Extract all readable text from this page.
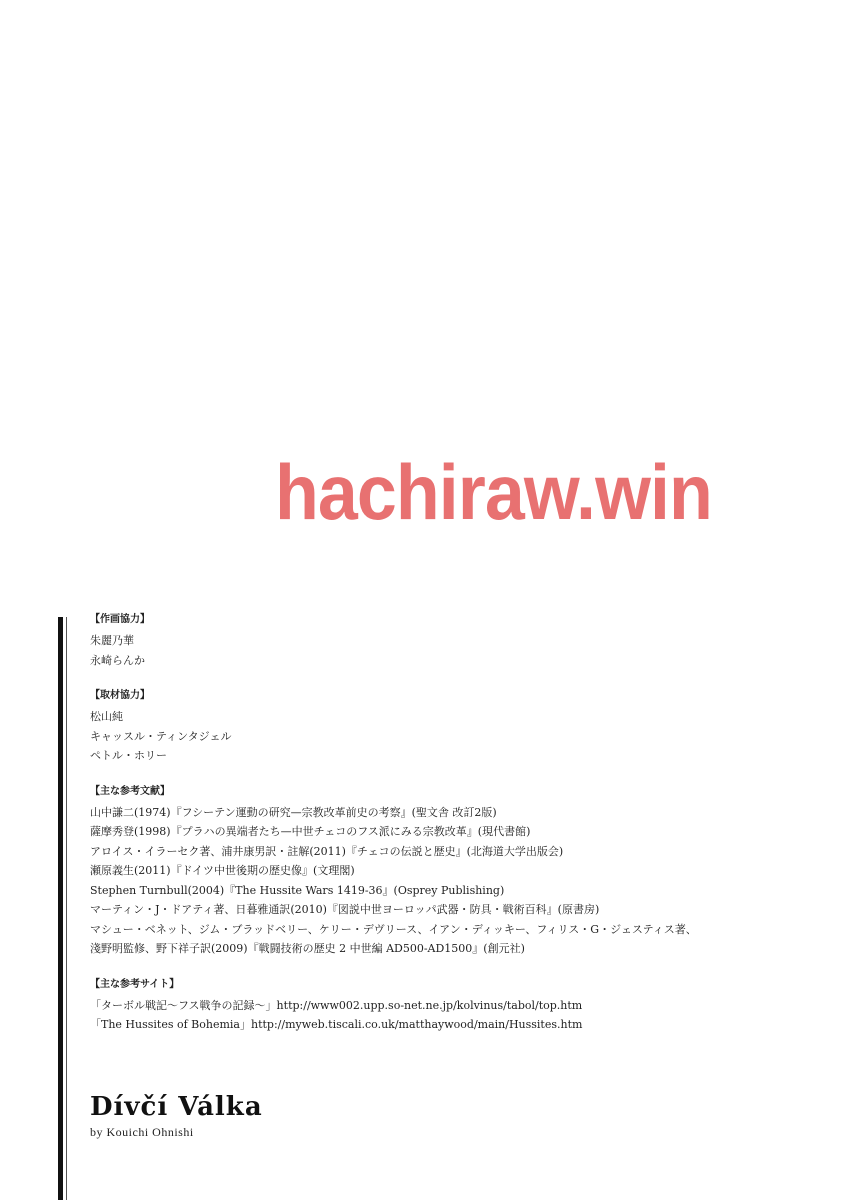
hachiraw.win
【作画協力】
朱麗乃華
永崎らんか
【取材協力】
松山純
キャッスル・ティンタジェル
ペトル・ホリー
【主な参考文献】
山中謙二(1974)『フシーテン運動の研究—宗教改革前史の考察』(聖文舎 改訂2版)
薩摩秀登(1998)『プラハの異端者たち—中世チェコのフス派にみる宗教改革』(現代書館)
アロイス・イラーセク著、浦井康男訳・註解(2011)『チェコの伝説と歴史』(北海道大学出版会)
瀬原義生(2011)『ドイツ中世後期の歴史像』(文理閣)
Stephen Turnbull(2004)『The Hussite Wars 1419-36』(Osprey Publishing)
マーティン・J・ドアティ著、日暮雅通訳(2010)『図説中世ヨーロッパ武器・防具・戦術百科』(原書房)
マシュー・ベネット、ジム・ブラッドベリー、ケリー・デヴリース、イアン・ディッキー、フィリス・G・ジェスティス著、
淺野明監修、野下祥子訳(2009)『戦闘技術の歴史 2 中世編 AD500-AD1500』(創元社)
【主な参考サイト】
「ターボル戦記〜フス戦争の記録〜」http://www002.upp.so-net.ne.jp/kolvinus/tabol/top.htm
「The Hussites of Bohemia」http://myweb.tiscali.co.uk/matthaywood/main/Hussites.htm
Dívčí Válka
by Kouichi Ohnishi
